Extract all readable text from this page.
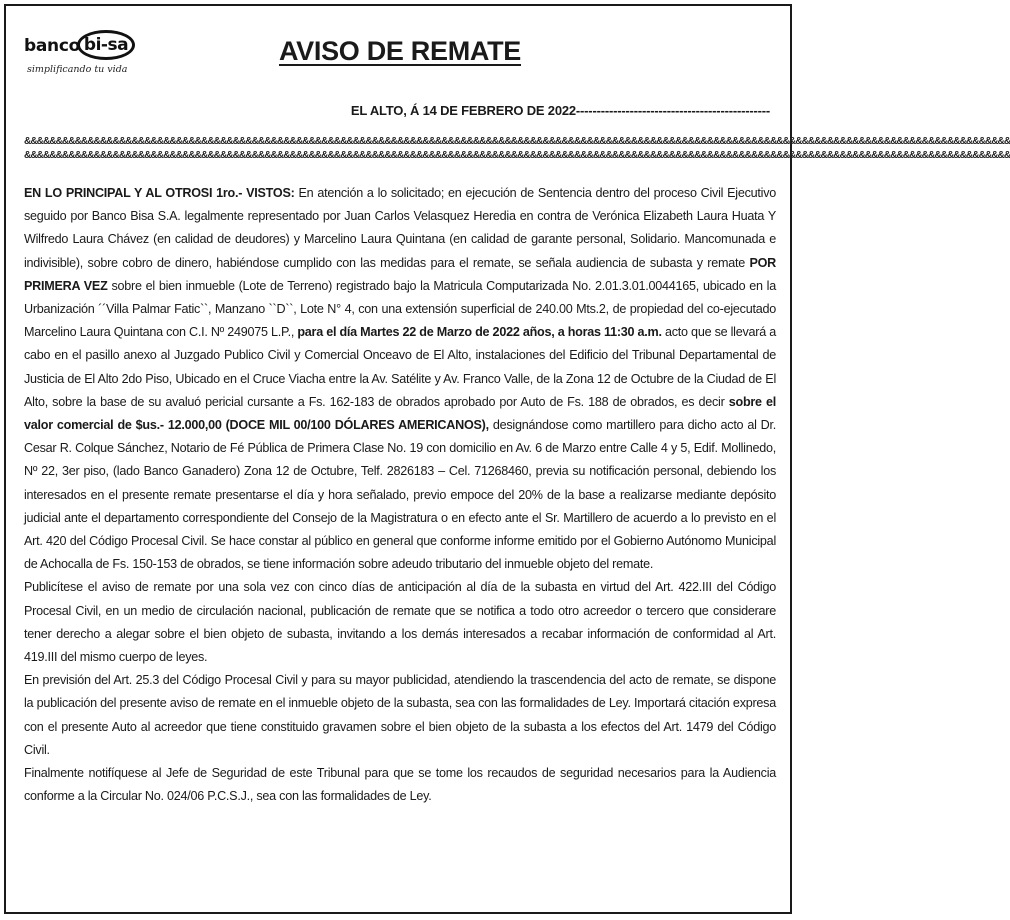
banco bi-sa
simplificando tu vida
AVISO DE REMATE
EL ALTO, Á 14 DE FEBRERO DE 2022-----------------------------------------------
&&&&&&&&&&&&&&&&&&&&&&&&&&&&&&&&&&&&&&&&&&&&&&&&&&&&&&&&&&&&&&&&&&&&&&&&&&&&&&&&&&&&&&&&&&&&&&&&&&&&&&&&&&&&&&&&&&&&&&&&&&&&&&&&&&&&&&&&&&&&&&&&&&&&&&&&&&&&
&&&&&&&&&&&&&&&&&&&&&&&&&&&&&&&&&&&&&&&&&&&&&&&&&&&&&&&&&&&&&&&&&&&&&&&&&&&&&&&&&&&&&&&&&&&&&&&&&&&&&&&&&&&&&&&&&&&&&&&&&&&&&&&&&&&&&&&&&&&&&&&&&&&&&&&&&&&&

EN LO PRINCIPAL Y AL OTROSI 1ro.- VISTOS: En atención a lo solicitado; en ejecución de Sentencia dentro del proceso Civil Ejecutivo seguido por Banco Bisa S.A. legalmente representado por Juan Carlos Velasquez Heredia en contra de Verónica Elizabeth Laura Huata Y Wilfredo Laura Chávez (en calidad de deudores) y Marcelino Laura Quintana (en calidad de garante personal, Solidario. Mancomunada e indivisible), sobre cobro de dinero, habiéndose cumplido con las medidas para el remate, se señala audiencia de subasta y remate POR PRIMERA VEZ sobre el bien inmueble (Lote de Terreno) registrado bajo la Matricula Computarizada No. 2.01.3.01.0044165, ubicado en la Urbanización ´´Villa Palmar Fatic``, Manzano ``D``, Lote N° 4, con una extensión superficial de 240.00 Mts.2, de propiedad del co-ejecutado Marcelino Laura Quintana con C.I. Nº 249075 L.P., para el día Martes 22 de Marzo de 2022 años, a horas 11:30 a.m. acto que se llevará a cabo en el pasillo anexo al Juzgado Publico Civil y Comercial Onceavo de El Alto, instalaciones del Edificio del Tribunal Departamental de Justicia de El Alto 2do Piso, Ubicado en el Cruce Viacha entre la Av. Satélite y Av. Franco Valle, de la Zona 12 de Octubre de la Ciudad de El Alto, sobre la base de su avaluó pericial cursante a Fs. 162-183 de obrados aprobado por Auto de Fs. 188 de obrados, es decir sobre el valor comercial de $us.- 12.000,00 (DOCE MIL 00/100 DÓLARES AMERICANOS), designándose como martillero para dicho acto al Dr. Cesar R. Colque Sánchez, Notario de Fé Pública de Primera Clase No. 19 con domicilio en Av. 6 de Marzo entre Calle 4 y 5, Edif. Mollinedo, Nº 22, 3er piso, (lado Banco Ganadero) Zona 12 de Octubre, Telf. 2826183 – Cel. 71268460, previa su notificación personal, debiendo los interesados en el presente remate presentarse el día y hora señalado, previo empoce del 20% de la base a realizarse mediante depósito judicial ante el departamento correspondiente del Consejo de la Magistratura o en efecto ante el Sr. Martillero de acuerdo a lo previsto en el Art. 420 del Código Procesal Civil. Se hace constar al público en general que conforme informe emitido por el Gobierno Autónomo Municipal de Achocalla de Fs. 150-153 de obrados, se tiene información sobre adeudo tributario del inmueble objeto del remate.

Publicítese el aviso de remate por una sola vez con cinco días de anticipación al día de la subasta en virtud del Art. 422.III del Código Procesal Civil, en un medio de circulación nacional, publicación de remate que se notifica a todo otro acreedor o tercero que considerare tener derecho a alegar sobre el bien objeto de subasta, invitando a los demás interesados a recabar información de conformidad al Art. 419.III del mismo cuerpo de leyes.

En previsión del Art. 25.3 del Código Procesal Civil y para su mayor publicidad, atendiendo la trascendencia del acto de remate, se dispone la publicación del presente aviso de remate en el inmueble objeto de la subasta, sea con las formalidades de Ley. Importará citación expresa con el presente Auto al acreedor que tiene constituido gravamen sobre el bien objeto de la subasta a los efectos del Art. 1479 del Código Civil.

Finalmente notifíquese al Jefe de Seguridad de este Tribunal para que se tome los recaudos de seguridad necesarios para la Audiencia conforme a la Circular No. 024/06 P.C.S.J., sea con las formalidades de Ley.
